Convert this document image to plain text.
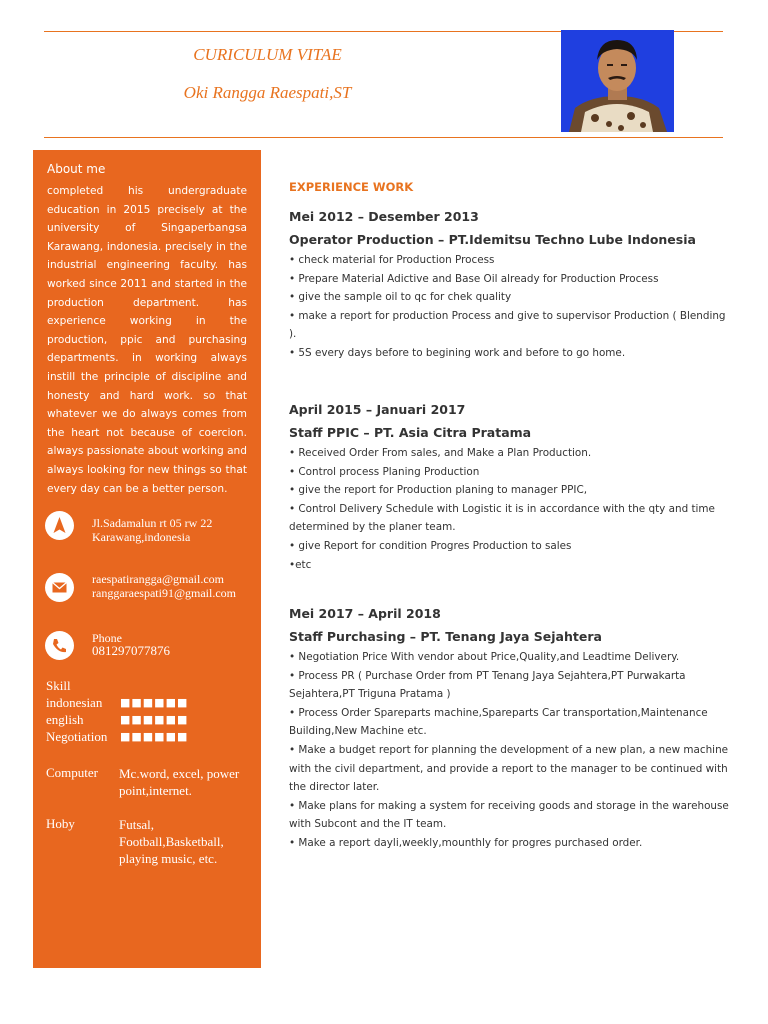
CURICULUM VITAE
Oki Rangga Raespati,ST
About me
completed his undergraduate education in 2015 precisely at the university of Singaperbangsa Karawang, indonesia. precisely in the industrial engineering faculty. has worked since 2011 and started in the production department. has experience working in the production, ppic and purchasing departments. in working always instill the principle of discipline and honesty and hard work. so that whatever we do always comes from the heart not because of coercion. always passionate about working and always looking for new things so that every day can be a better person.
Jl.Sadamalun rt 05 rw 22
Karawang,indonesia
raespatirangga@gmail.com
ranggaraespati91@gmail.com
Phone
081297077876
Skill
indonesian ■■■■■■
english	■■■■■■
Negotiation ■■■■■■
Computer Mc.word, excel, power point,internet.
Hoby	Futsal, Football,Basketball, playing music, etc.
EXPERIENCE WORK

Mei 2012 – Desember 2013

Operator Production – PT.Idemitsu Techno Lube Indonesia

• check material for Production Process
• Prepare Material Adictive and Base Oil already for Production Process
• give the sample oil to qc for chek quality
• make a report for production Process and give to supervisor Production ( Blending ).
• 5S every days before to begining work and before to go home.

April 2015 – Januari 2017

Staff PPIC – PT. Asia Citra Pratama

• Received Order From sales, and Make a Plan Production.
• Control process Planing Production
• give the report for Production planing to manager PPIC,
• Control Delivery Schedule with Logistic it is in accordance with the qty and time determined by the planer team.
• give Report for condition Progres Production to sales
•etc

Mei 2017 – April 2018

Staff Purchasing – PT. Tenang Jaya Sejahtera

• Negotiation Price With vendor about Price,Quality,and Leadtime Delivery.
• Process PR ( Purchase Order from PT Tenang Jaya Sejahtera,PT Purwakarta Sejahtera,PT Triguna Pratama )
• Process Order Spareparts machine,Spareparts Car transportation,Maintenance Building,New Machine etc.
• Make a budget report for planning the development of a new plan, a new machine with the civil department, and provide a report to the manager to be continued with the director later.
• Make plans for making a system for receiving goods and storage in the warehouse with Subcont and the IT team.
• Make a report dayli,weekly,mounthly for progres purchased order.
